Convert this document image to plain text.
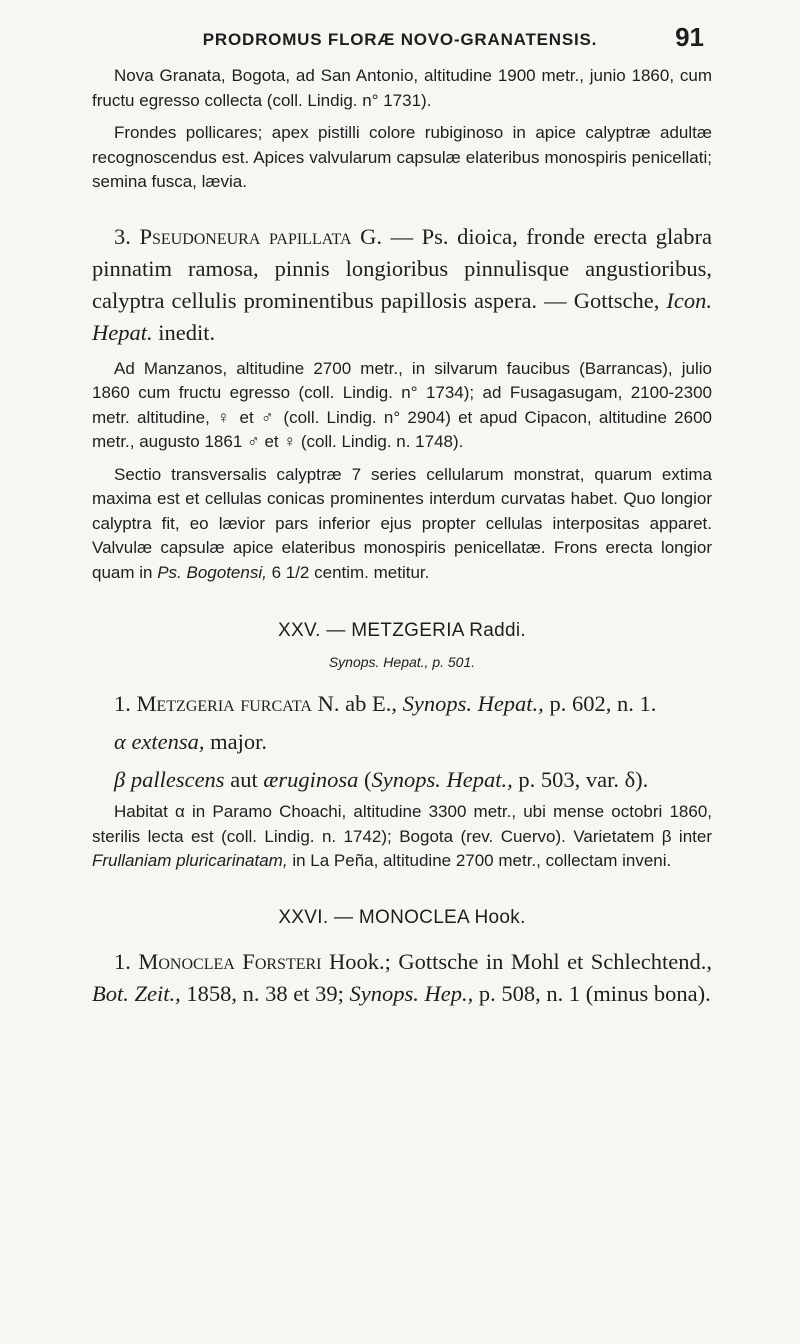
PRODROMUS FLORÆ NOVO-GRANATENSIS.	91

Nova Granata, Bogota, ad San Antonio, altitudine 1900 metr., junio 1860, cum fructu egresso collecta (coll. Lindig. n° 1731).

Frondes pollicares; apex pistilli colore rubiginoso in apice calyptræ adultæ recognoscendus est. Apices valvularum capsulæ elateribus monospiris penicellati; semina fusca, lævia.

3. Pseudoneura papillata G. — Ps. dioica, fronde erecta glabra pinnatim ramosa, pinnis longioribus pinnulisque angustioribus, calyptra cellulis prominentibus papillosis aspera. — Gottsche, Icon. Hepat. inedit.

Ad Manzanos, altitudine 2700 metr., in silvarum faucibus (Barrancas), julio 1860 cum fructu egresso (coll. Lindig. n° 1734); ad Fusagasugam, 2100-2300 metr. altitudine, ♀ et ♂ (coll. Lindig. n° 2904) et apud Cipacon, altitudine 2600 metr., augusto 1861 ♂ et ♀ (coll. Lindig. n. 1748).

Sectio transversalis calyptræ 7 series cellularum monstrat, quarum extima maxima est et cellulas conicas prominentes interdum curvatas habet. Quo longior calyptra fit, eo lævior pars inferior ejus propter cellulas interpositas apparet. Valvulæ capsulæ apice elateribus monospiris penicellatæ. Frons erecta longior quam in Ps. Bogotensi, 6 1/2 centim. metitur.

XXV. — METZGERIA Raddi.

Synops. Hepat., p. 501.

1. Metzgeria furcata N. ab E., Synops. Hepat., p. 602, n. 1.

α extensa, major.

β pallescens aut æruginosa (Synops. Hepat., p. 503, var. δ).

Habitat α in Paramo Choachi, altitudine 3300 metr., ubi mense octobri 1860, sterilis lecta est (coll. Lindig. n. 1742); Bogota (rev. Cuervo). Varietatem β inter Frullaniam pluricarinatam, in La Peña, altitudine 2700 metr., collectam inveni.

XXVI. — MONOCLEA Hook.

1. Monoclea Forsteri Hook.; Gottsche in Mohl et Schlechtend., Bot. Zeit., 1858, n. 38 et 39; Synops. Hep., p. 508, n. 1 (minus bona).
